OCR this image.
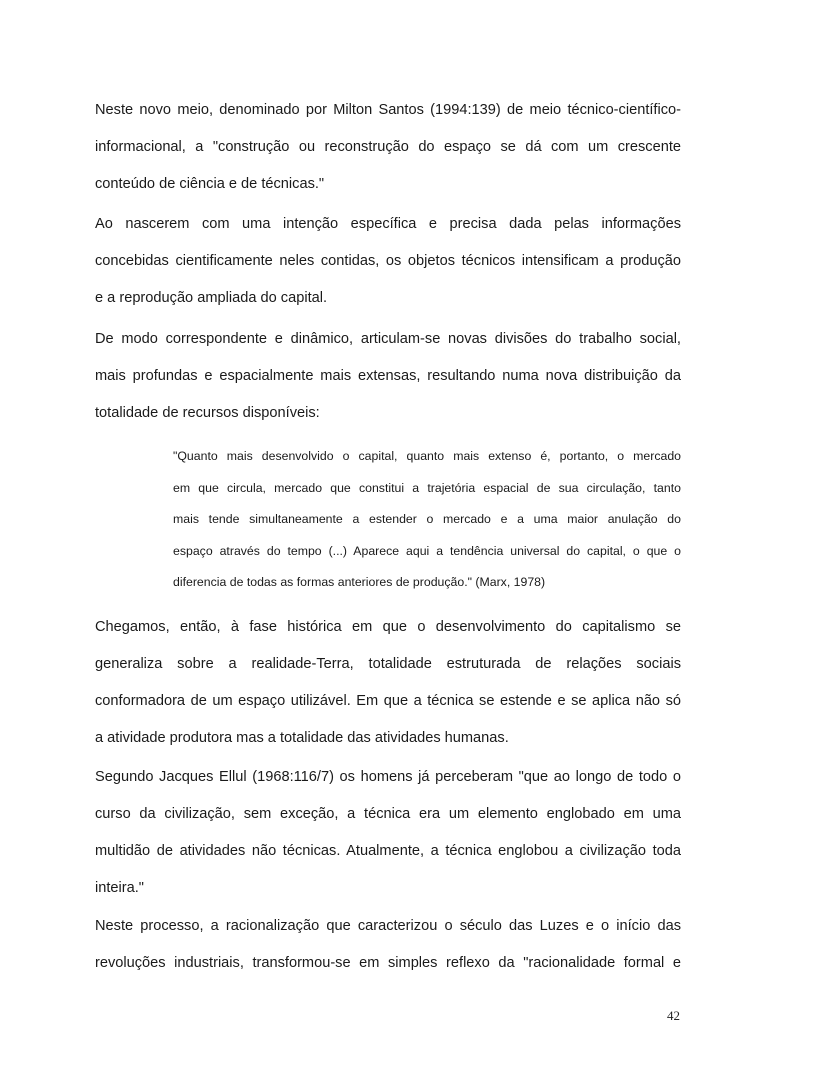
Neste novo meio, denominado por Milton Santos (1994:139) de meio técnico-científico-
informacional, a "construção ou reconstrução do espaço se dá com um crescente
conteúdo de ciência e de técnicas."

Ao nascerem com uma intenção específica e precisa dada pelas informações
concebidas cientificamente neles contidas, os objetos técnicos intensificam a produção
e a reprodução ampliada do capital.

De modo correspondente e dinâmico, articulam-se novas divisões do trabalho social,
mais profundas e espacialmente mais extensas, resultando numa nova distribuição da
totalidade de recursos disponíveis:

"Quanto mais desenvolvido o capital, quanto mais extenso é, portanto, o mercado
em que circula, mercado que constitui a trajetória espacial de sua circulação, tanto
mais tende simultaneamente a estender o mercado e a uma maior anulação do
espaço através do tempo (...) Aparece aqui a tendência universal do capital, o que o
diferencia de todas as formas anteriores de produção." (Marx, 1978)

Chegamos, então, à fase histórica em que o desenvolvimento do capitalismo se
generaliza sobre a realidade-Terra, totalidade estruturada de relações sociais
conformadora de um espaço utilizável. Em que a técnica se estende e se aplica não só
a atividade produtora mas a totalidade das atividades humanas.

Segundo Jacques Ellul (1968:116/7) os homens já perceberam "que ao longo de todo o
curso da civilização, sem exceção, a técnica era um elemento englobado em uma
multidão de atividades não técnicas. Atualmente, a técnica englobou a civilização toda
inteira."

Neste processo, a racionalização que caracterizou o século das Luzes e o início das
revoluções industriais, transformou-se em simples reflexo da "racionalidade formal e

42
